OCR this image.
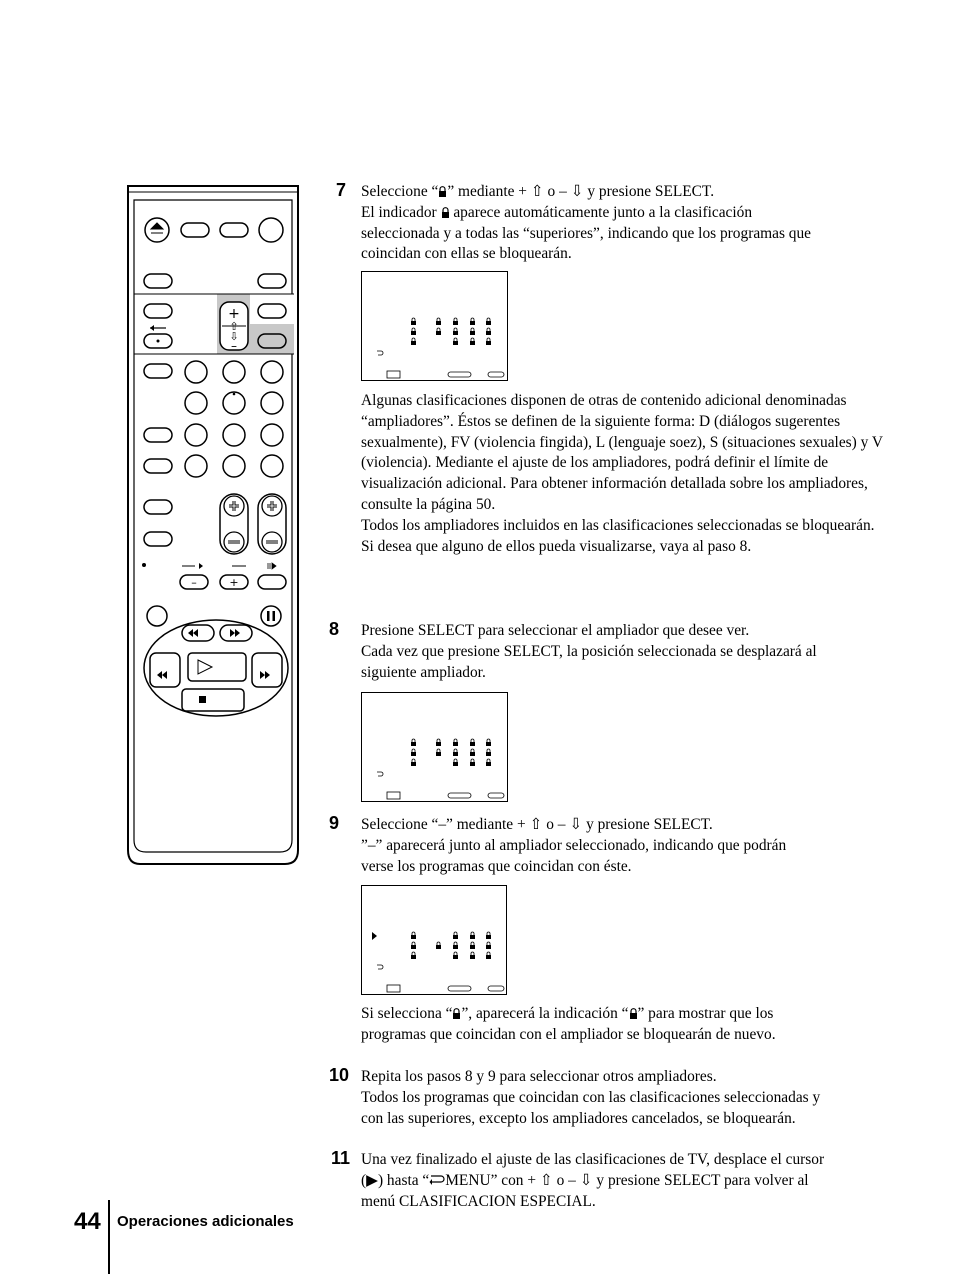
+
⇧
⇩
–
–	+
7
8
9
10
11

Seleccione “ ” mediante + ⇧ o – ⇩ y presione SELECT.

El indicador  aparece automáticamente junto a la clasificación

seleccionada y a todas las “superiores”, indicando que los programas que

coincidan con ellas se bloquearán.

Algunas clasificaciones disponen de otras de contenido adicional denominadas “ampliadores”. Éstos se definen de la siguiente forma: D (diálogos sugerentes sexualmente), FV (violencia fingida), L (lenguaje soez), S (situaciones sexuales) y V (violencia). Mediante el ajuste de los ampliadores, podrá definir el límite de visualización adicional. Para obtener información detallada sobre los ampliadores, consulte la página 50.

Todos los ampliadores incluidos en las clasificaciones seleccionadas se bloquearán. Si desea que alguno de ellos pueda visualizarse, vaya al paso 8.

Presione SELECT para seleccionar el ampliador que desee ver.

Cada vez que presione SELECT, la posición seleccionada se desplazará al

siguiente ampliador.

Seleccione “–” mediante + ⇧ o – ⇩ y presione SELECT.

”–” aparecerá junto al ampliador seleccionado, indicando que podrán

verse los programas que coincidan con éste.

Si selecciona “ ”, aparecerá la indicación “ ” para mostrar que los

programas que coincidan con el ampliador se bloquearán de nuevo.

Repita los pasos 8 y 9 para seleccionar otros ampliadores.

Todos los programas que coincidan con las clasificaciones seleccionadas y

con las superiores, excepto los ampliadores cancelados, se bloquearán.

Una vez finalizado el ajuste de las clasificaciones de TV, desplace el cursor

(▶) hasta “ MENU” con + ⇧ o – ⇩ y presione SELECT para volver al

menú CLASIFICACION ESPECIAL.

44 Operaciones adicionales
